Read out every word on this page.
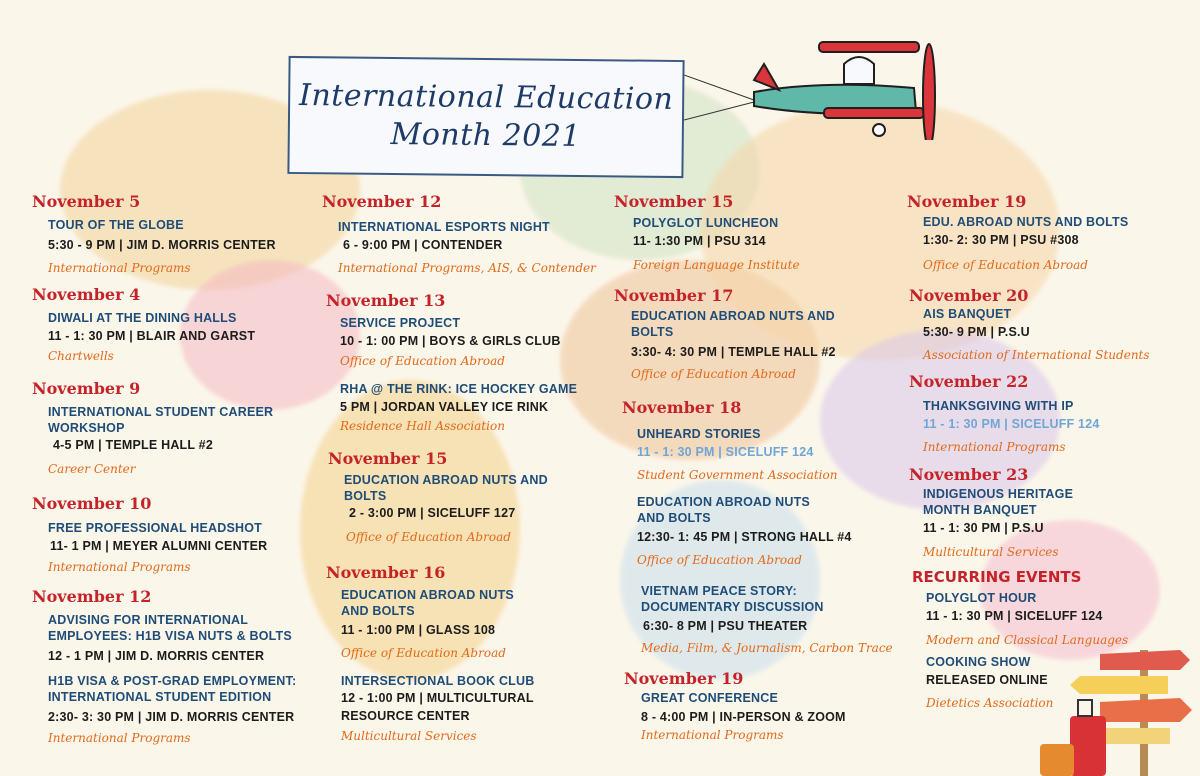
International Education
Month 2021
November 5
TOUR OF THE GLOBE
5:30 - 9 PM | JIM D. MORRIS CENTER
International Programs
November 4
DIWALI AT THE DINING HALLS
11 - 1: 30 PM | BLAIR AND GARST
Chartwells
November 9
INTERNATIONAL STUDENT CAREER WORKSHOP
4-5 PM | TEMPLE HALL #2
Career Center
November 10
FREE PROFESSIONAL HEADSHOT
11- 1 PM | MEYER ALUMNI CENTER
International Programs
November 12
ADVISING FOR INTERNATIONAL EMPLOYEES: H1B VISA NUTS & BOLTS
12 - 1 PM | JIM D. MORRIS CENTER
H1B VISA & POST-GRAD EMPLOYMENT: INTERNATIONAL STUDENT EDITION
2:30- 3: 30 PM | JIM D. MORRIS CENTER
International Programs
November 12
INTERNATIONAL ESPORTS NIGHT
6 - 9:00 PM | CONTENDER
International Programs, AIS, & Contender
November 13
SERVICE PROJECT
10 - 1: 00 PM | BOYS & GIRLS CLUB
Office of Education Abroad
RHA @ THE RINK: ICE HOCKEY GAME
5 PM | JORDAN VALLEY ICE RINK
Residence Hall Association
November 15
EDUCATION ABROAD NUTS AND BOLTS
2 - 3:00 PM | SICELUFF 127
Office of Education Abroad
November 16
EDUCATION ABROAD NUTS AND BOLTS
11 - 1:00 PM | GLASS 108
Office of Education Abroad
INTERSECTIONAL BOOK CLUB
12 - 1:00 PM | MULTICULTURAL
RESOURCE CENTER
Multicultural Services
November 15
POLYGLOT LUNCHEON
11- 1:30 PM | PSU 314
Foreign Language Institute
November 17
EDUCATION ABROAD NUTS AND BOLTS
3:30- 4: 30 PM | TEMPLE HALL #2
Office of Education Abroad
November 18
UNHEARD STORIES
11 - 1: 30 PM | SICELUFF 124
Student Government Association
EDUCATION ABROAD NUTS AND BOLTS
12:30- 1: 45 PM | STRONG HALL #4
Office of Education Abroad
VIETNAM PEACE STORY: DOCUMENTARY DISCUSSION
6:30- 8 PM | PSU THEATER
Media, Film, & Journalism, Carbon Trace
November 19
GREAT CONFERENCE
8 - 4:00 PM | IN-PERSON & ZOOM
International Programs
November 19
EDU. ABROAD NUTS AND BOLTS
1:30- 2: 30 PM | PSU #308
Office of Education Abroad
November 20
AIS BANQUET
5:30- 9 PM | P.S.U
Association of International Students
November 22
THANKSGIVING WITH IP
11 - 1: 30 PM | SICELUFF 124
International Programs
November 23
INDIGENOUS HERITAGE MONTH BANQUET
11 - 1: 30 PM | P.S.U
Multicultural Services
RECURRING EVENTS
POLYGLOT HOUR
11 - 1: 30 PM | SICELUFF 124
Modern and Classical Languages
COOKING SHOW
RELEASED ONLINE
Dietetics Association
